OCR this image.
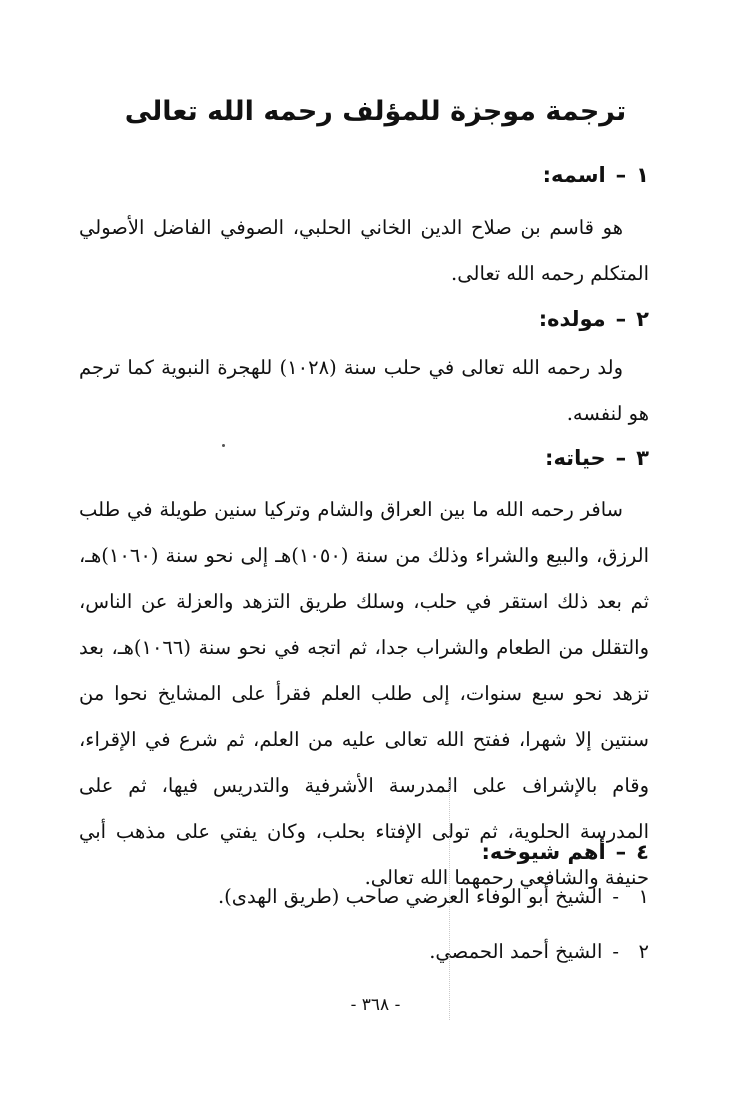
ترجمة موجزة للمؤلف رحمه الله تعالى
١–اسمه:
هو قاسم بن صلاح الدين الخاني الحلبي، الصوفي الفاضل الأصولي المتكلم رحمه الله تعالى.
٢–مولده:
ولد رحمه الله تعالى في حلب سنة (١٠٢٨) للهجرة النبوية كما ترجم هو لنفسه.
٣–حياته:
سافر رحمه الله ما بين العراق والشام وتركيا سنين طويلة في طلب الرزق، والبيع والشراء وذلك من سنة (١٠٥٠)هـ إلى نحو سنة (١٠٦٠)هـ، ثم بعد ذلك استقر في حلب، وسلك طريق التزهد والعزلة عن الناس، والتقلل من الطعام والشراب جدا، ثم اتجه في نحو سنة (١٠٦٦)هـ، بعد تزهد نحو سبع سنوات، إلى طلب العلم فقرأ على المشايخ نحوا من سنتين إلا شهرا، ففتح الله تعالى عليه من العلم، ثم شرع في الإقراء، وقام بالإشراف على المدرسة الأشرفية والتدريس فيها، ثم على المدرسة الحلوية، ثم تولى الإفتاء بحلب، وكان يفتي على مذهب أبي حنيفة والشافعي رحمهما الله تعالى.
٤–أهم شيوخه:
١-الشيخ أبو الوفاء العرضي صاحب (طريق الهدى).
٢-الشيخ أحمد الحمصي.
- ٣٦٨ -
